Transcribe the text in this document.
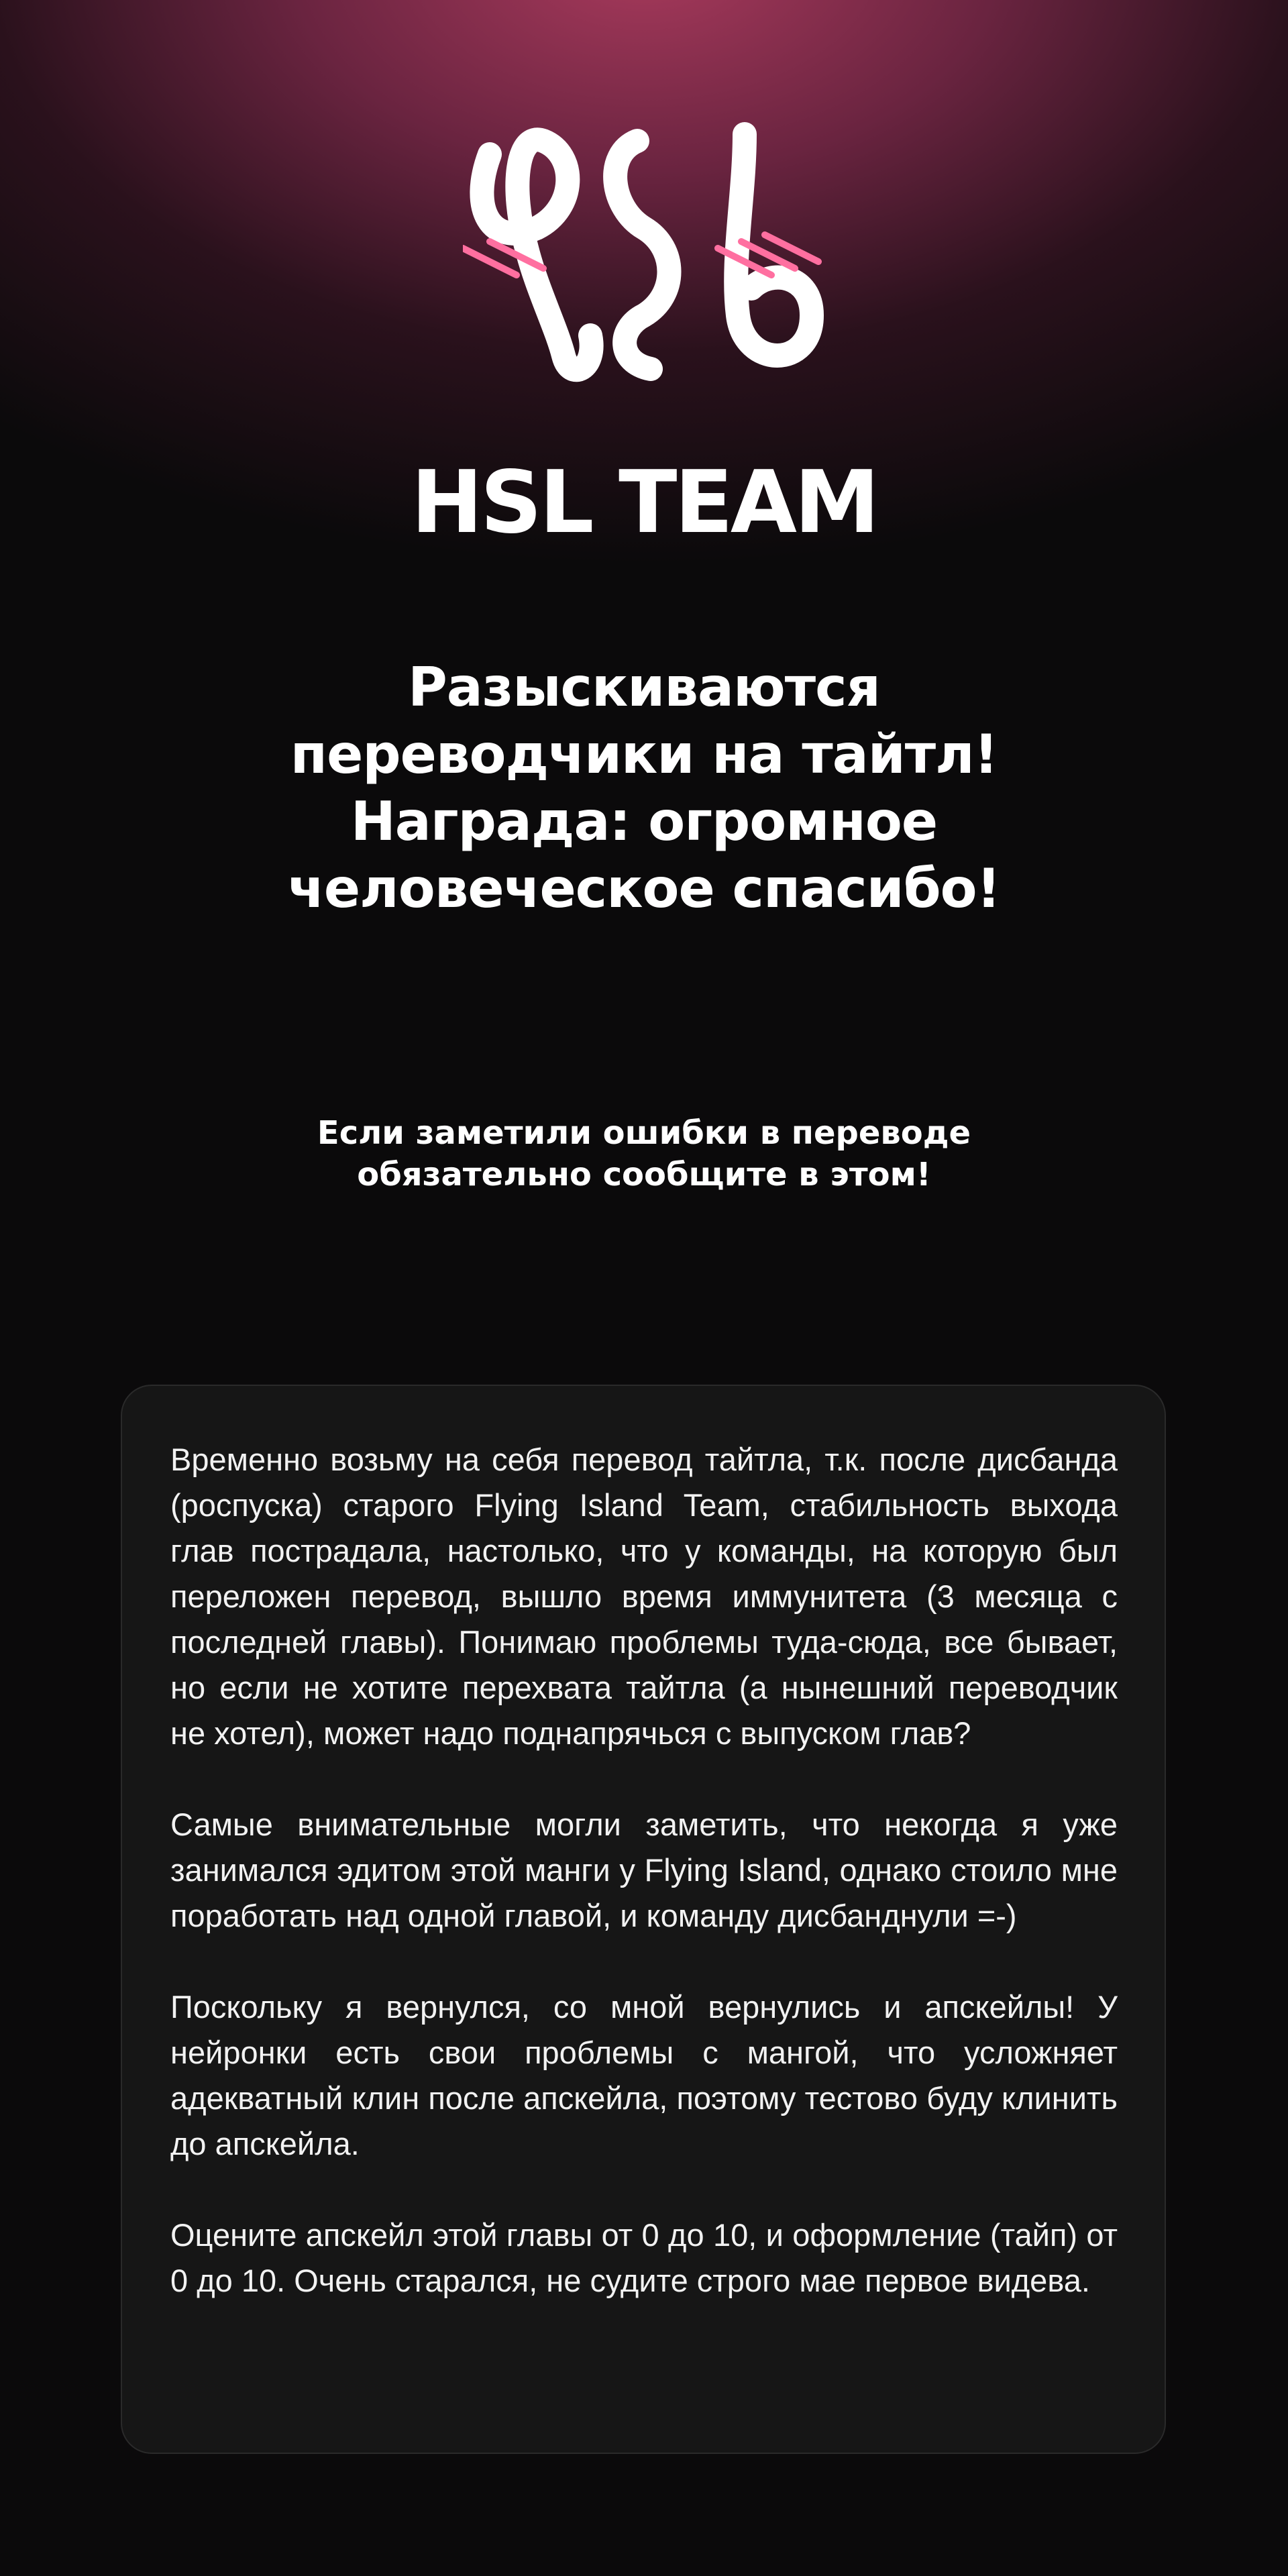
HSL TEAM
Разыскиваются
переводчики на тайтл!
Награда: огромное
человеческое спасибо!
Если заметили ошибки в переводе
обязательно сообщите в этом!

Временно возьму на себя перевод тайтла, т.к. после дисбанда (роспуска) старого Flying Island Team, стабильность выхода глав пострадала, настолько, что у команды, на которую был переложен перевод, вышло время иммунитета (3 месяца с последней главы). Понимаю проблемы туда-сюда, все бывает, но если не хотите перехвата тайтла (а нынешний переводчик не хотел), может надо поднапрячься с выпуском глав?

Самые внимательные могли заметить, что некогда я уже занимался эдитом этой манги у Flying Island, однако стоило мне поработать над одной главой, и команду дисбанднули =-)

Поскольку я вернулся, со мной вернулись и апскейлы! У нейронки есть свои проблемы с мангой, что усложняет адекватный клин после апскейла, поэтому тестово буду клинить до апскейла.

Оцените апскейл этой главы от 0 до 10, и оформление (тайп) от 0 до 10. Очень старался, не судите строго мае первое видева.
